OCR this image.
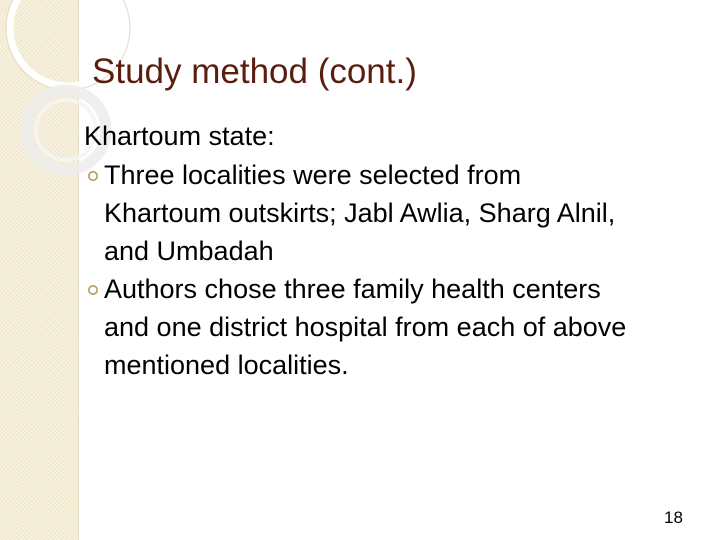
Study method (cont.)

Khartoum state:

Three localities were selected from Khartoum outskirts; Jabl Awlia, Sharg Alnil, and Umbadah

Authors chose three family health centers and one district hospital from each of above mentioned localities.

18
